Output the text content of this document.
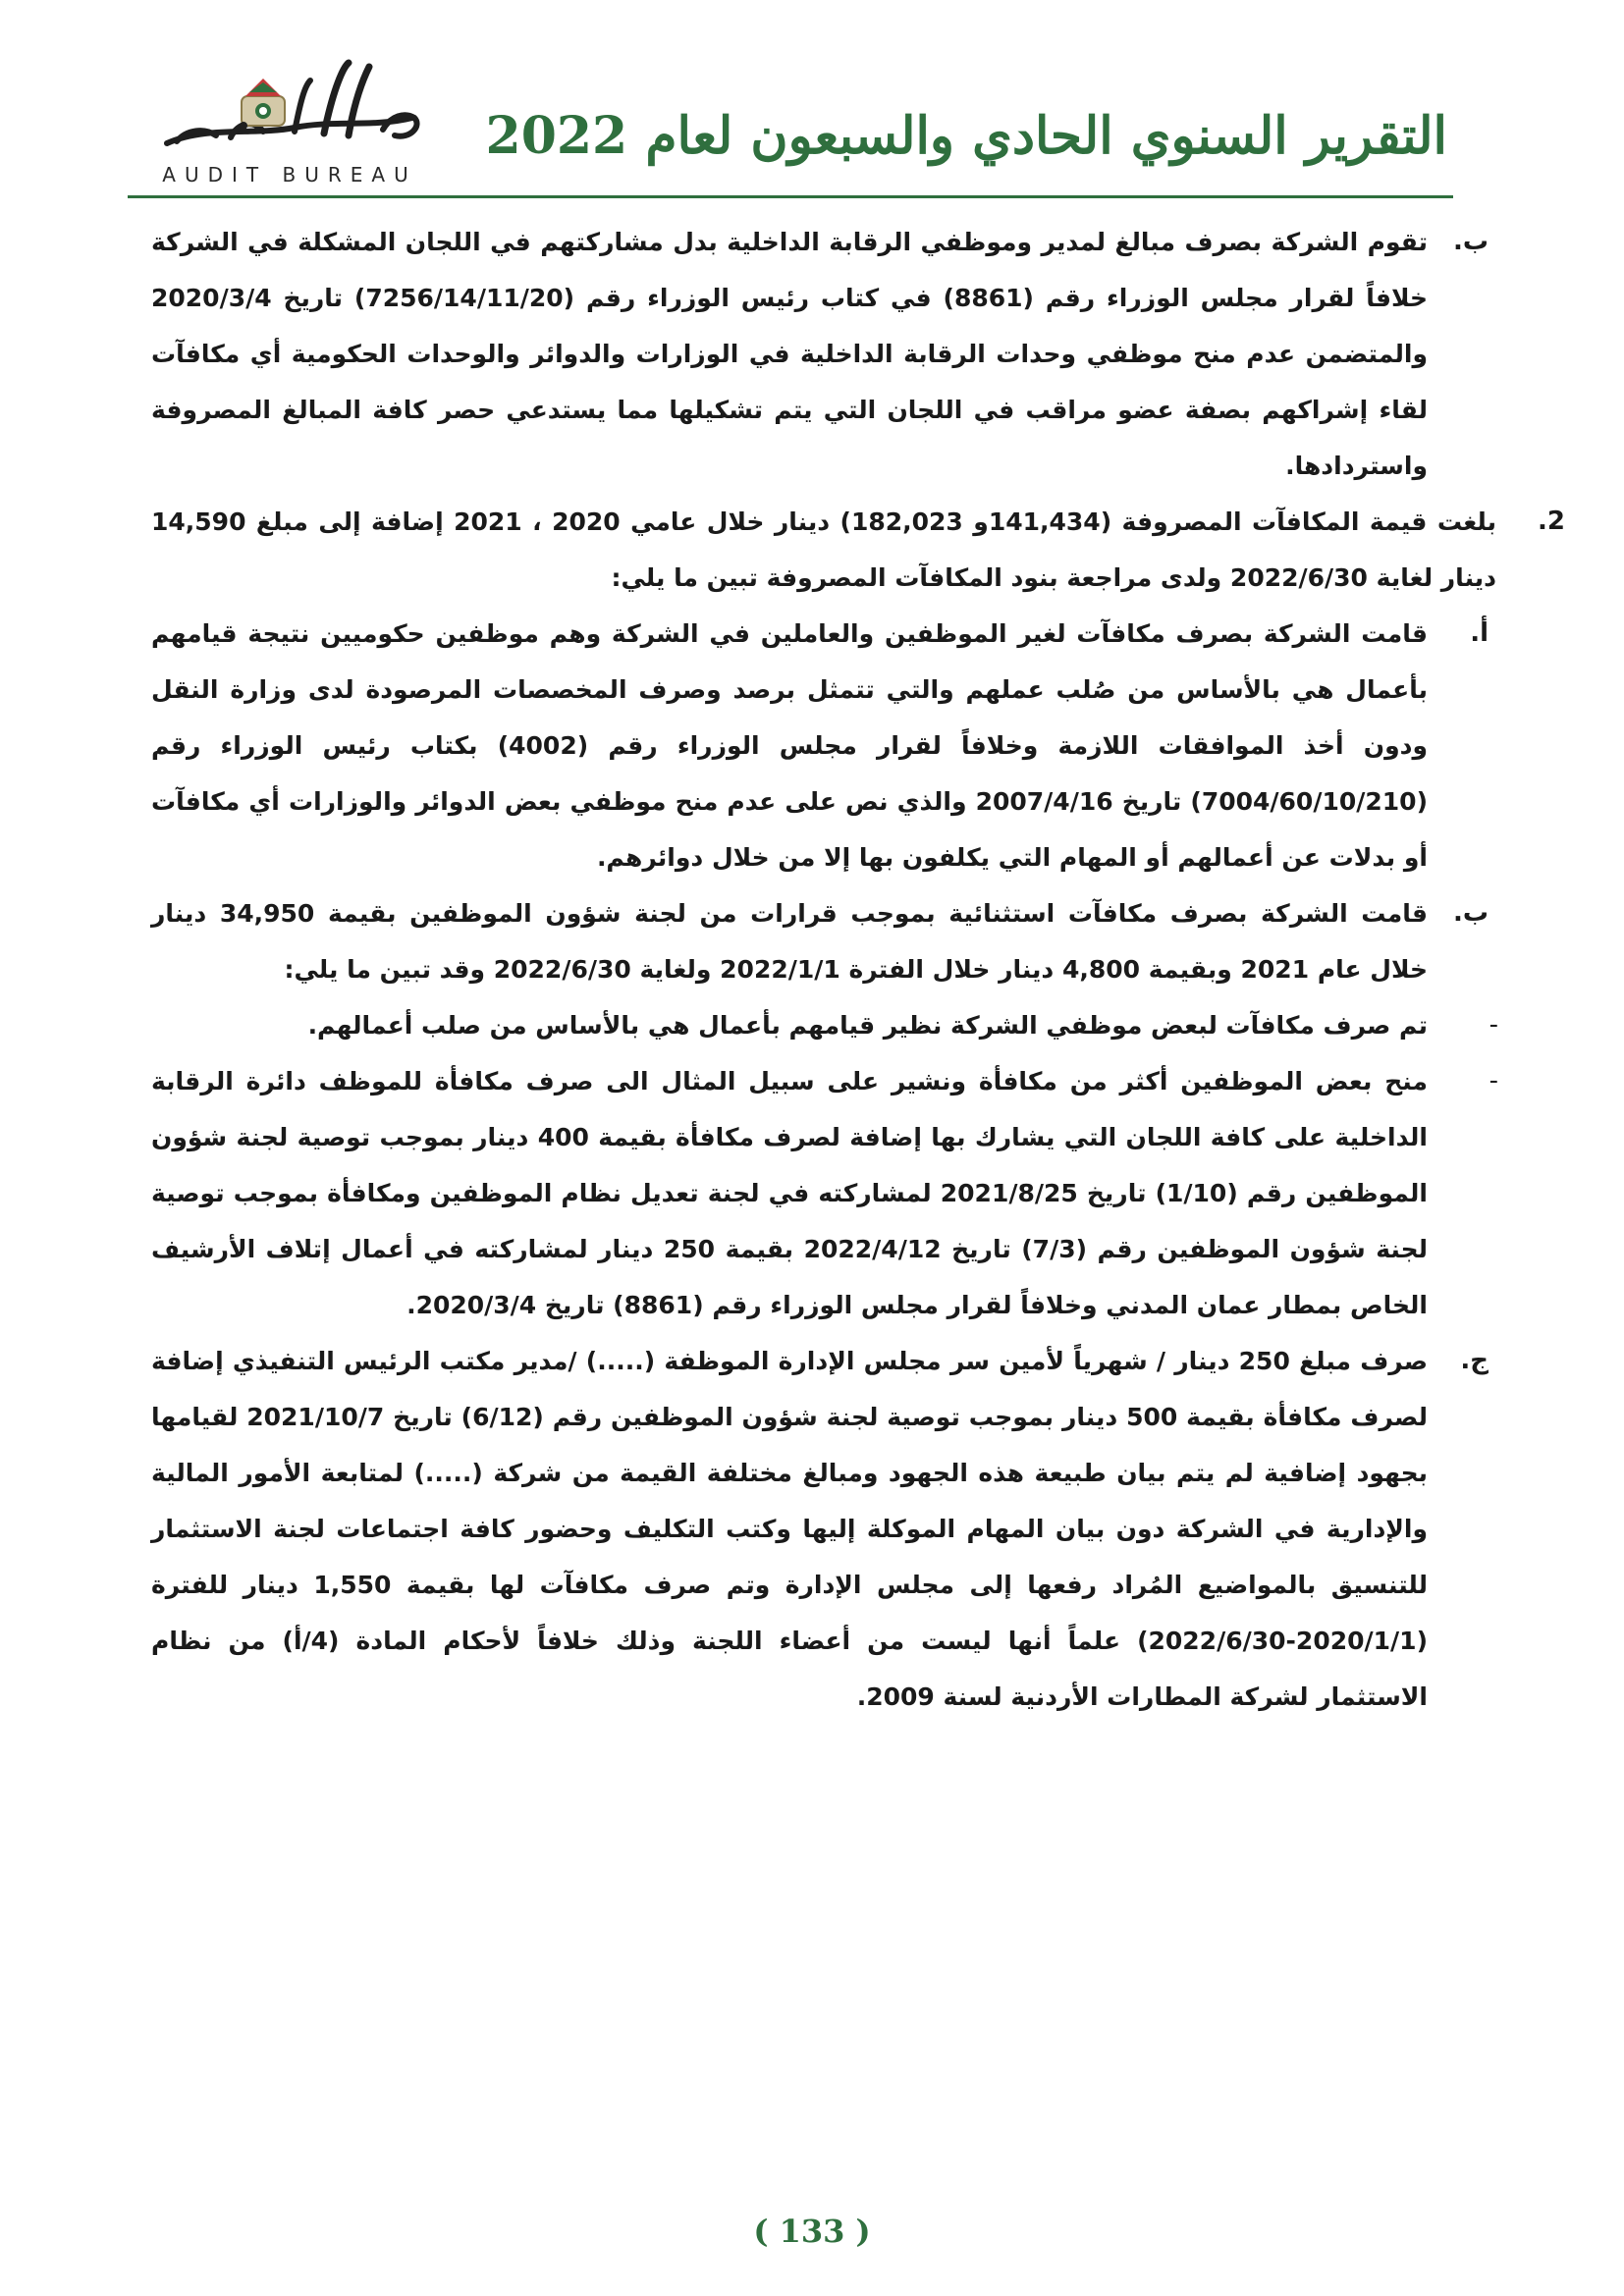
التقرير السنوي الحادي والسبعون لعام 2022
AUDIT BUREAU

ب.
تقوم الشركة بصرف مبالغ لمدير وموظفي الرقابة الداخلية بدل مشاركتهم في اللجان المشكلة في الشركة خلافاً لقرار مجلس الوزراء رقم (8861) في كتاب رئيس الوزراء رقم (7256/14/11/20) تاريخ 2020/3/4 والمتضمن عدم منح موظفي وحدات الرقابة الداخلية في الوزارات والدوائر والوحدات الحكومية أي مكافآت لقاء إشراكهم بصفة عضو مراقب في اللجان التي يتم تشكيلها مما يستدعي حصر كافة المبالغ المصروفة واستردادها.

2.
بلغت قيمة المكافآت المصروفة (141,434و 182,023) دينار خلال عامي 2020 ، 2021 إضافة إلى مبلغ 14,590 دينار لغاية 2022/6/30 ولدى مراجعة بنود المكافآت المصروفة تبين ما يلي:

أ.
قامت الشركة بصرف مكافآت لغير الموظفين والعاملين في الشركة وهم موظفين حكوميين نتيجة قيامهم بأعمال هي بالأساس من صُلب عملهم والتي تتمثل برصد وصرف المخصصات المرصودة لدى وزارة النقل ودون أخذ الموافقات اللازمة وخلافاً لقرار مجلس الوزراء رقم (4002) بكتاب رئيس الوزراء رقم (7004/60/10/210) تاريخ 2007/4/16 والذي نص على عدم منح موظفي بعض الدوائر والوزارات أي مكافآت أو بدلات عن أعمالهم أو المهام التي يكلفون بها إلا من خلال دوائرهم.

ب.
قامت الشركة بصرف مكافآت استثنائية بموجب قرارات من لجنة شؤون الموظفين بقيمة 34,950 دينار خلال عام 2021 وبقيمة 4,800 دينار خلال الفترة 2022/1/1 ولغاية 2022/6/30 وقد تبين ما يلي:

-
تم صرف مكافآت لبعض موظفي الشركة نظير قيامهم بأعمال هي بالأساس من صلب أعمالهم.

-
منح بعض الموظفين أكثر من مكافأة ونشير على سبيل المثال الى صرف مكافأة للموظف دائرة الرقابة الداخلية على كافة اللجان التي يشارك بها إضافة لصرف مكافأة بقيمة 400 دينار بموجب توصية لجنة شؤون الموظفين رقم (1/10) تاريخ 2021/8/25 لمشاركته في لجنة تعديل نظام الموظفين ومكافأة بموجب توصية لجنة شؤون الموظفين رقم (7/3) تاريخ 2022/4/12 بقيمة 250 دينار لمشاركته في أعمال إتلاف الأرشيف الخاص بمطار عمان المدني وخلافاً لقرار مجلس الوزراء رقم (8861) تاريخ 2020/3/4.

ج.
صرف مبلغ 250 دينار / شهرياً لأمين سر مجلس الإدارة الموظفة (.....) /مدير مكتب الرئيس التنفيذي إضافة لصرف مكافأة بقيمة 500 دينار بموجب توصية لجنة شؤون الموظفين رقم (6/12) تاريخ 2021/10/7 لقيامها بجهود إضافية لم يتم بيان طبيعة هذه الجهود ومبالغ مختلفة القيمة من شركة (.....) لمتابعة الأمور المالية والإدارية في الشركة دون بيان المهام الموكلة إليها وكتب التكليف وحضور كافة اجتماعات لجنة الاستثمار للتنسيق بالمواضيع المُراد رفعها إلى مجلس الإدارة وتم صرف مكافآت لها بقيمة 1,550 دينار للفترة (2020/1/1-2022/6/30) علماً أنها ليست من أعضاء اللجنة وذلك خلافاً لأحكام المادة (4/أ) من نظام الاستثمار لشركة المطارات الأردنية لسنة 2009.

( 133 )
